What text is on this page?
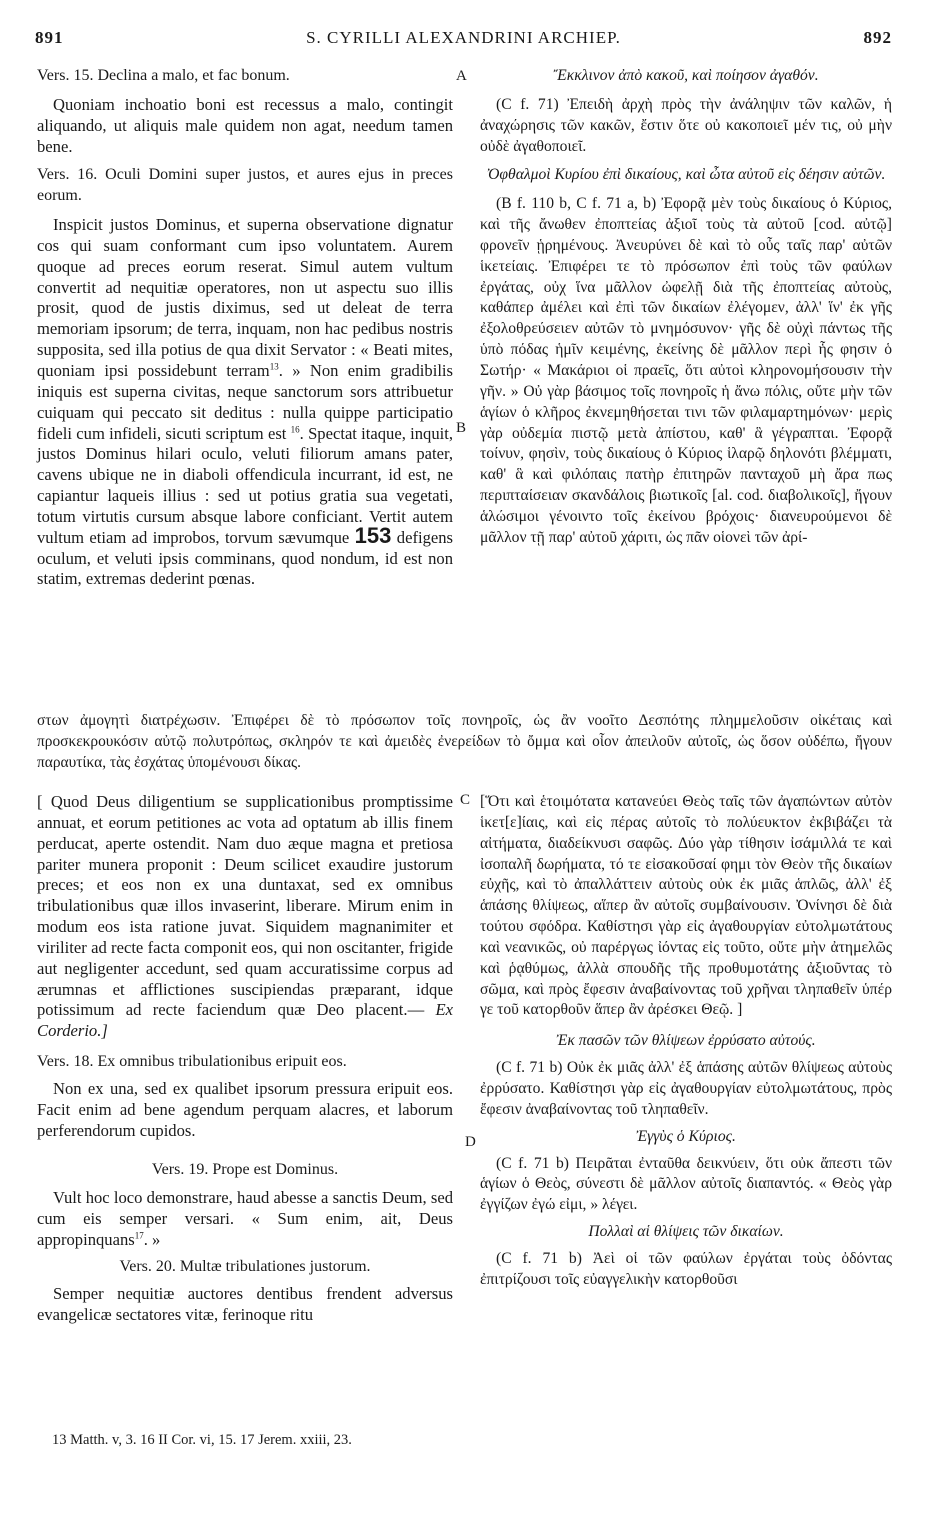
891	S. CYRILLI ALEXANDRINI ARCHIEP.	892
A
B
C
D

Vers. 15. Declina a malo, et fac bonum.

Quoniam inchoatio boni est recessus a malo, contingit aliquando, ut aliquis male quidem non agat, needum tamen bene.

Vers. 16. Oculi Domini super justos, et aures ejus in preces eorum.

Inspicit justos Dominus, et superna observatione dignatur cos qui suam conformant cum ipso voluntatem. Aurem quoque ad preces eorum reserat. Simul autem vultum convertit ad nequitiæ operatores, non ut aspectu suo illis prosit, quod de justis diximus, sed ut deleat de terra memoriam ipsorum; de terra, inquam, non hac pedibus nostris supposita, sed illa potius de qua dixit Servator : « Beati mites, quoniam ipsi possidebunt terram$^{13}$. » Non enim gradibilis iniquis est superna civitas, neque sanctorum sors attribuetur cuiquam qui peccato sit deditus : nulla quippe participatio fideli cum infideli, sicuti scriptum est $^{16}$. Spectat itaque, inquit, justos Dominus hilari oculo, veluti filiorum amans pater, cavens ubique ne in diaboli offendicula incurrant, id est, ne capiantur laqueis illius : sed ut potius gratia sua vegetati, totum virtutis cursum absque labore conficiant. Vertit autem vultum etiam ad improbos, torvum sævumque 153 defigens oculum, et veluti ipsis comminans, quod nondum, id est non statim, extremas dederint pœnas.

Ἔκκλινον ἀπὸ κακοῦ, καὶ ποίησον ἀγαθόν.

(C f. 71) Ἐπειδὴ ἀρχὴ πρὸς τὴν ἀνάληψιν τῶν καλῶν, ἡ ἀναχώρησις τῶν κακῶν, ἔστιν ὅτε οὐ κακοποιεῖ μέν τις, οὐ μὴν οὐδὲ ἀγαθοποιεῖ.

Ὀφθαλμοὶ Κυρίου ἐπὶ δικαίους, καὶ ὦτα αὐτοῦ εἰς δέησιν αὐτῶν.

(B f. 110 b, C f. 71 a, b) Ἐφορᾷ μὲν τοὺς δικαίους ὁ Κύριος, καὶ τῆς ἄνωθεν ἐποπτείας ἀξιοῖ τοὺς τὰ αὐτοῦ [cod. αὐτῷ] φρονεῖν ᾑρημένους. Ἀνευρύνει δὲ καὶ τὸ οὖς ταῖς παρ' αὐτῶν ἱκετείαις. Ἐπιφέρει τε τὸ πρόσωπον ἐπὶ τοὺς τῶν φαύλων ἐργάτας, οὐχ ἵνα μᾶλλον ὠφελῇ διὰ τῆς ἐποπτείας αὐτοὺς, καθάπερ ἀμέλει καὶ ἐπὶ τῶν δικαίων ἐλέγομεν, ἀλλ' ἵν' ἐκ γῆς ἐξολοθρεύσειεν αὐτῶν τὸ μνημόσυνον· γῆς δὲ οὐχὶ πάντως τῆς ὑπὸ πόδας ἡμῖν κειμένης, ἐκείνης δὲ μᾶλλον περὶ ἧς φησιν ὁ Σωτήρ· « Μακάριοι οἱ πραεῖς, ὅτι αὐτοὶ κληρονομήσουσιν τὴν γῆν. » Οὐ γὰρ βάσιμος τοῖς πονηροῖς ἡ ἄνω πόλις, οὔτε μὴν τῶν ἁγίων ὁ κλῆρος ἐκνεμηθήσεται τινι τῶν φιλαμαρτημόνων· μερὶς γὰρ οὐδεμία πιστῷ μετὰ ἀπίστου, καθ' ἃ γέγραπται. Ἐφορᾷ τοίνυν, φησὶν, τοὺς δικαίους ὁ Κύριος ἱλαρῷ δηλονότι βλέμματι, καθ' ἃ καὶ φιλόπαις πατὴρ ἐπιτηρῶν πανταχοῦ μὴ ἄρα πως περιπταίσειαν σκανδάλοις βιωτικοῖς [al. cod. διαβολικοῖς], ἤγουν ἁλώσιμοι γένοιντο τοῖς ἐκείνου βρόχοις· διανευρούμενοι δὲ μᾶλλον τῇ παρ' αὐτοῦ χάριτι, ὡς πᾶν οἱονεὶ τῶν ἀρί-

στων ἀμογητὶ διατρέχωσιν. Ἐπιφέρει δὲ τὸ πρόσωπον τοῖς πονηροῖς, ὡς ἂν νοοῖτο Δεσπότης πλημμελοῦσιν οἰκέταις καὶ προσκεκρουκόσιν αὐτῷ πολυτρόπως, σκληρόν τε καὶ ἀμειδὲς ἐνερείδων τὸ ὄμμα καὶ οἷον ἀπειλοῦν αὐτοῖς, ὡς ὅσον οὐδέπω, ἤγουν παραυτίκα, τὰς ἐσχάτας ὑπομένουσι δίκας.

[ Quod Deus diligentium se supplicationibus promptissime annuat, et eorum petitiones ac vota ad optatum ab illis finem perducat, aperte ostendit. Nam duo æque magna et pretiosa pariter munera proponit : Deum scilicet exaudire justorum preces; et eos non ex una duntaxat, sed ex omnibus tribulationibus quæ illos invaserint, liberare. Mirum enim in modum eos ista ratione juvat. Siquidem magnanimiter et viriliter ad recte facta componit eos, qui non oscitanter, frigide aut negligenter accedunt, sed quam accuratissime corpus ad ærumnas et afflictiones suscipiendas præparant, idque potissimum ad recte faciendum quæ Deo placent.— Ex Corderio.]

Vers. 18. Ex omnibus tribulationibus eripuit eos.

Non ex una, sed ex qualibet ipsorum pressura eripuit eos. Facit enim ad bene agendum perquam alacres, et laborum perferendorum cupidos.

Vers. 19. Prope est Dominus.

Vult hoc loco demonstrare, haud abesse a sanctis Deum, sed cum eis semper versari. « Sum enim, ait, Deus appropinquans$^{17}$. »

Vers. 20. Multæ tribulationes justorum.

Semper nequitiæ auctores dentibus frendent adversus evangelicæ sectatores vitæ, ferinoque ritu

[Ὅτι καὶ ἑτοιμότατα κατανεύει Θεὸς ταῖς τῶν ἀγαπώντων αὐτὸν ἱκετ[ε]ίαις, καὶ εἰς πέρας αὐτοῖς τὸ πολύευκτον ἐκβιβάζει τὰ αἰτήματα, διαδείκνυσι σαφῶς. Δύο γὰρ τίθησιν ἰσάμιλλά τε καὶ ἰσοπαλῆ δωρήματα, τό τε εἰσακοῦσαί φημι τὸν Θεὸν τῆς δικαίων εὐχῆς, καὶ τὸ ἀπαλλάττειν αὐτοὺς οὐκ ἐκ μιᾶς ἁπλῶς, ἀλλ' ἐξ ἁπάσης θλίψεως, αἵπερ ἂν αὐτοῖς συμβαίνουσιν. Ὀνίνησι δὲ διὰ τούτου σφόδρα. Καθίστησι γὰρ εἰς ἀγαθουργίαν εὐτολμωτάτους καὶ νεανικῶς, οὐ παρέργως ἰόντας εἰς τοῦτο, οὔτε μὴν ἀτημελῶς καὶ ῥᾳθύμως, ἀλλὰ σπουδῆς τῆς προθυμοτάτης ἀξιοῦντας τὸ σῶμα, καὶ πρὸς ἔφεσιν ἀναβαίνοντας τοῦ χρῆναι τληπαθεῖν ὑπέρ γε τοῦ κατορθοῦν ἅπερ ἂν ἀρέσκει Θεῷ. ]

Ἐκ πασῶν τῶν θλίψεων ἐρρύσατο αὐτούς.

(C f. 71 b) Οὐκ ἐκ μιᾶς ἀλλ' ἐξ ἁπάσης αὐτῶν θλίψεως αὐτοὺς ἐρρύσατο. Καθίστησι γὰρ εἰς ἀγαθουργίαν εὐτολμωτάτους, πρὸς ἔφεσιν ἀναβαίνοντας τοῦ τληπαθεῖν.

Ἐγγὺς ὁ Κύριος.

(C f. 71 b) Πειρᾶται ἐνταῦθα δεικνύειν, ὅτι οὐκ ἄπεστι τῶν ἁγίων ὁ Θεὸς, σύνεστι δὲ μᾶλλον αὐτοῖς διαπαντός. « Θεὸς γὰρ ἐγγίζων ἐγώ εἰμι, » λέγει.

Πολλαὶ αἱ θλίψεις τῶν δικαίων.

(C f. 71 b) Ἀεὶ οἱ τῶν φαύλων ἐργάται τοὺς ὀδόντας ἐπιτρίζουσι τοῖς εὐαγγελικὴν κατορθοῦσι

13 Matth. v, 3. 16 II Cor. vi, 15. 17 Jerem. xxiii, 23.
